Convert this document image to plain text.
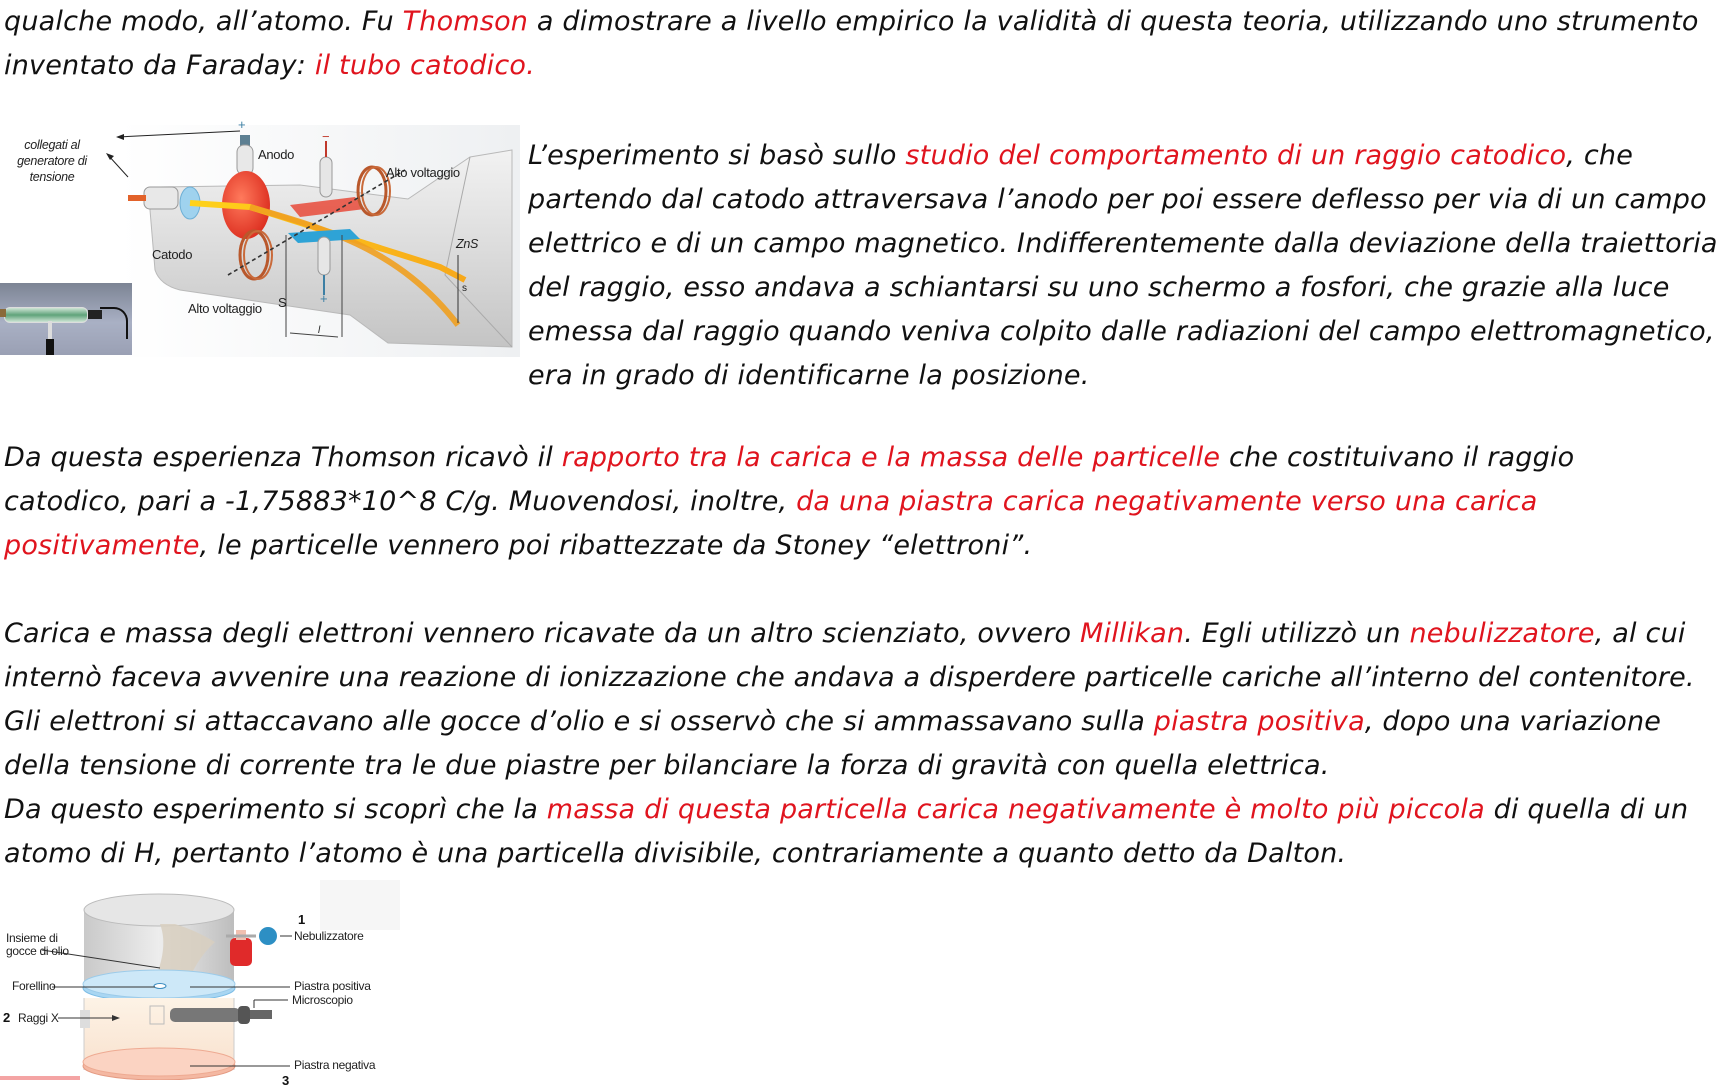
qualche modo, all’atomo. Fu Thomson a dimostrare a livello empirico la validità di questa teoria, utilizzando uno strumento
inventato da Faraday: il tubo catodico.
collegati al
generatore di
tensione
Anodo
Catodo
Alto voltaggio
Alto voltaggio
ZnS
S
s
l
+
−
+
L’esperimento si basò sullo studio del comportamento di un raggio catodico, che
partendo dal catodo attraversava l’anodo per poi essere deflesso per via di un campo
elettrico e di un campo magnetico. Indifferentemente dalla deviazione della traiettoria
del raggio, esso andava a schiantarsi su uno schermo a fosfori, che grazie alla luce
emessa dal raggio quando veniva colpito dalle radiazioni del campo elettromagnetico,
era in grado di identificarne la posizione.
Da questa esperienza Thomson ricavò il rapporto tra la carica e la massa delle particelle che costituivano il raggio
catodico, pari a -1,75883*10^8 C/g. Muovendosi, inoltre, da una piastra carica negativamente verso una carica
positivamente, le particelle vennero poi ribattezzate da Stoney “elettroni”.
Carica e massa degli elettroni vennero ricavate da un altro scienziato, ovvero Millikan. Egli utilizzò un nebulizzatore, al cui
internò faceva avvenire una reazione di ionizzazione che andava a disperdere particelle cariche all’interno del contenitore.
Gli elettroni si attaccavano alle gocce d’olio e si osservò che si ammassavano sulla piastra positiva, dopo una variazione
della tensione di corrente tra le due piastre per bilanciare la forza di gravità con quella elettrica.
Da questo esperimento si scoprì che la massa di questa particella carica negativamente è molto più piccola di quella di un
atomo di H, pertanto l’atomo è una particella divisibile, contrariamente a quanto detto da Dalton.
Insieme di
gocce di olio
Forellino
2 Raggi X
1
Nebulizzatore
Piastra positiva
Microscopio
Piastra negativa
3
